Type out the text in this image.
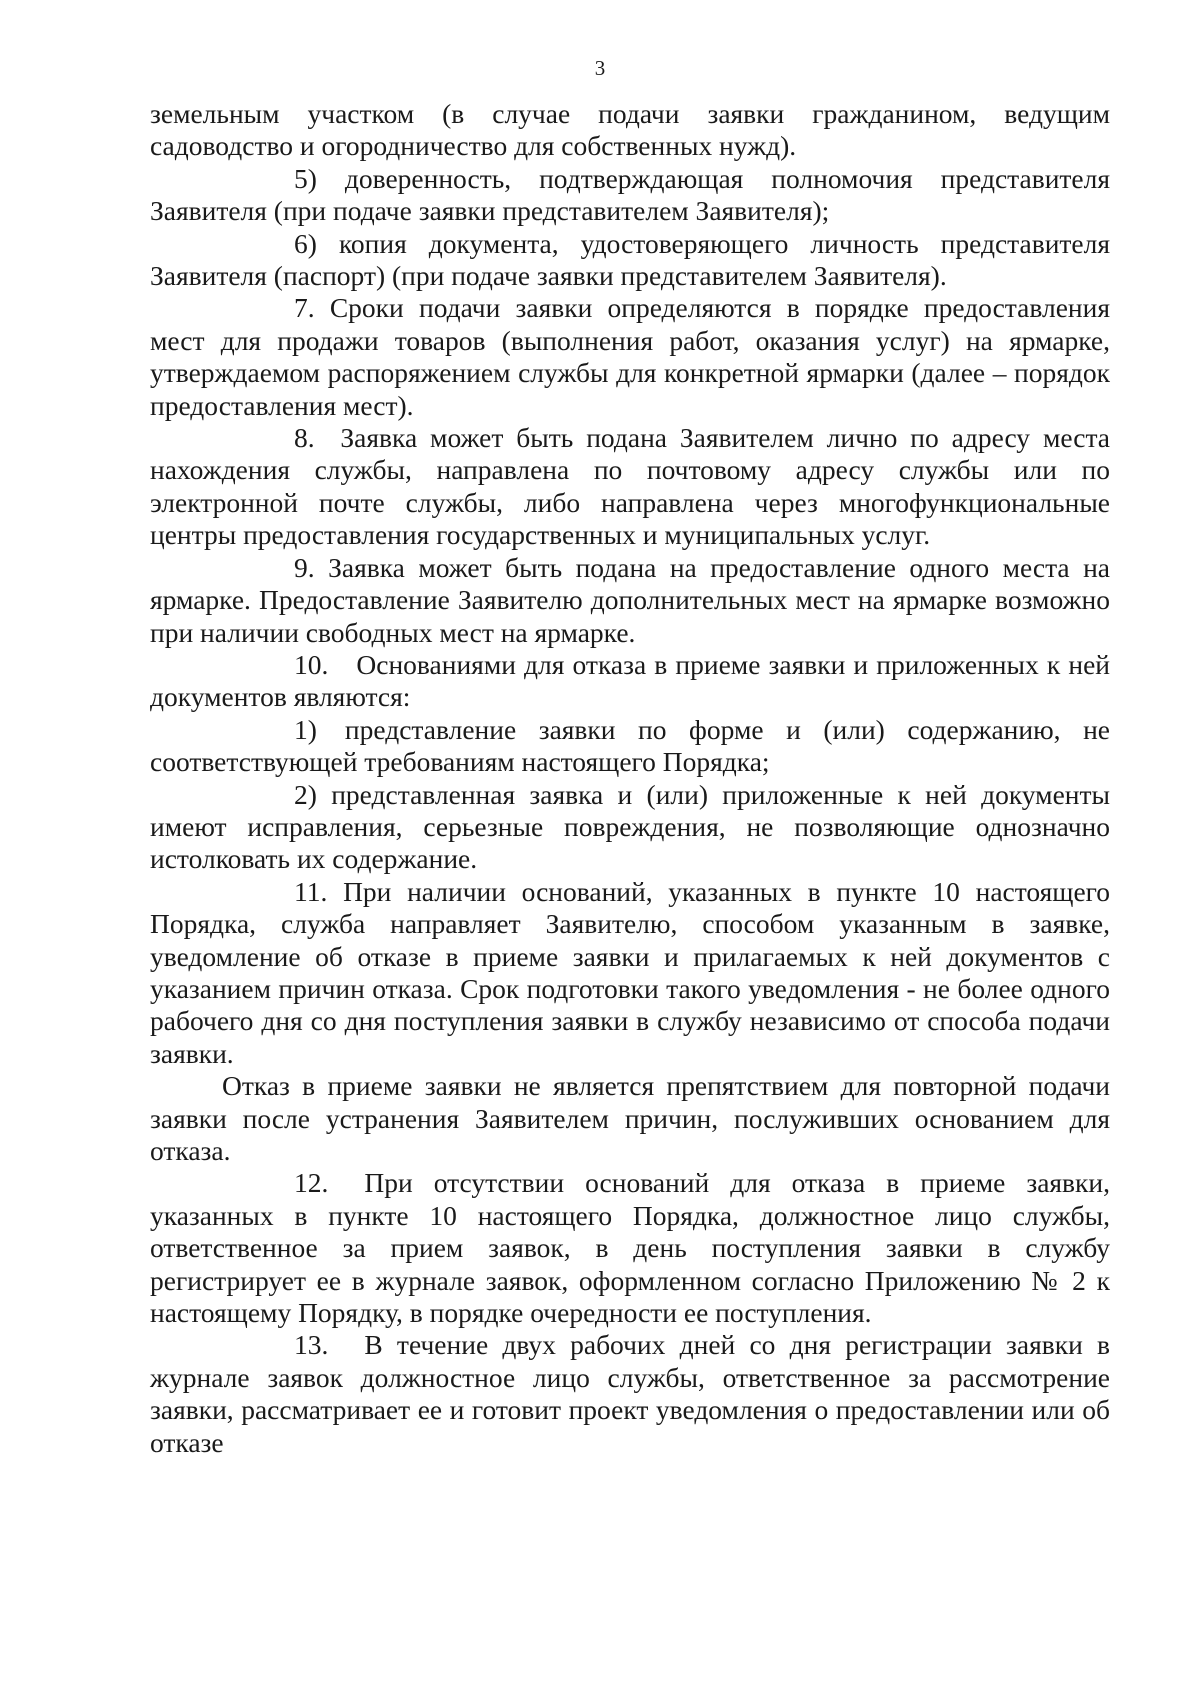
3

земельным участком (в случае подачи заявки гражданином, ведущим садоводство и огородничество для собственных нужд).

5) доверенность, подтверждающая полномочия представителя Заявителя (при подаче заявки представителем Заявителя);

6) копия документа, удостоверяющего личность представителя Заявителя (паспорт) (при подаче заявки представителем Заявителя).

7. Сроки подачи заявки определяются в порядке предоставления мест для продажи товаров (выполнения работ, оказания услуг) на ярмарке, утверждаемом распоряжением службы для конкретной ярмарки (далее – порядок предоставления мест).

8. Заявка может быть подана Заявителем лично по адресу места нахождения службы, направлена по почтовому адресу службы или по электронной почте службы, либо направлена через многофункциональные центры предоставления государственных и муниципальных услуг.

9. Заявка может быть подана на предоставление одного места на ярмарке. Предоставление Заявителю дополнительных мест на ярмарке возможно при наличии свободных мест на ярмарке.

10. Основаниями для отказа в приеме заявки и приложенных к ней документов являются:

1) представление заявки по форме и (или) содержанию, не соответствующей требованиям настоящего Порядка;

2) представленная заявка и (или) приложенные к ней документы имеют исправления, серьезные повреждения, не позволяющие однозначно истолковать их содержание.

11. При наличии оснований, указанных в пункте 10 настоящего Порядка, служба направляет Заявителю, способом указанным в заявке, уведомление об отказе в приеме заявки и прилагаемых к ней документов с указанием причин отказа. Срок подготовки такого уведомления - не более одного рабочего дня со дня поступления заявки в службу независимо от способа подачи заявки.

Отказ в приеме заявки не является препятствием для повторной подачи заявки после устранения Заявителем причин, послуживших основанием для отказа.

12. При отсутствии оснований для отказа в приеме заявки, указанных в пункте 10 настоящего Порядка, должностное лицо службы, ответственное за прием заявок, в день поступления заявки в службу регистрирует ее в журнале заявок, оформленном согласно Приложению № 2 к настоящему Порядку, в порядке очередности ее поступления.

13. В течение двух рабочих дней со дня регистрации заявки в журнале заявок должностное лицо службы, ответственное за рассмотрение заявки, рассматривает ее и готовит проект уведомления о предоставлении или об отказе
